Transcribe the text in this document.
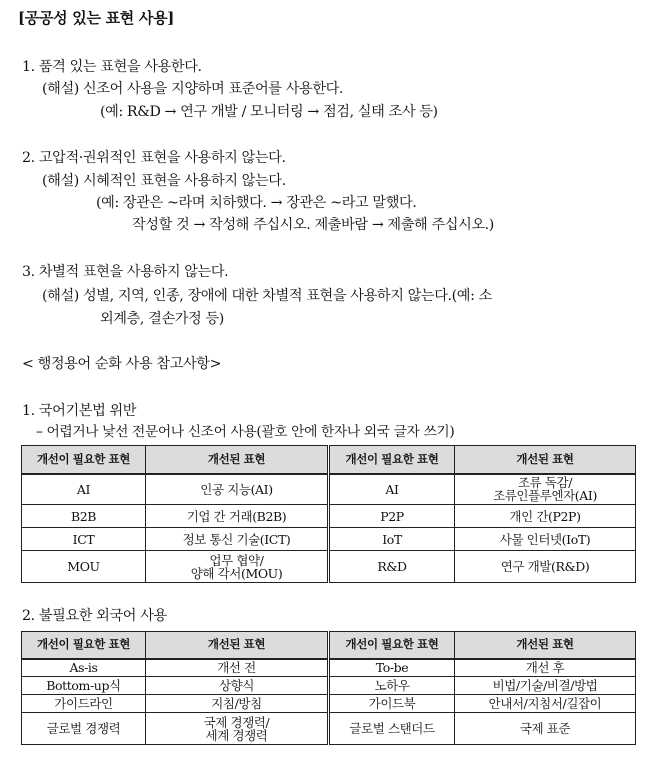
[공공성 있는 표현 사용]
1. 품격 있는 표현을 사용한다.
(해설) 신조어 사용을 지양하며 표준어를 사용한다.
(예: R&D → 연구 개발 / 모니터링 → 점검, 실태 조사 등)
2. 고압적·권위적인 표현을 사용하지 않는다.
(해설) 시혜적인 표현을 사용하지 않는다.
(예: 장관은 ~라며 치하했다. → 장관은 ~라고 말했다.
작성할 것 → 작성해 주십시오. 제출바람 → 제출해 주십시오.)
3. 차별적 표현을 사용하지 않는다.
(해설) 성별, 지역, 인종, 장애에 대한 차별적 표현을 사용하지 않는다.(예: 소
외계층, 결손가정 등)
< 행정용어 순화 사용 참고사항>
1. 국어기본법 위반
– 어렵거나 낯선 전문어나 신조어 사용(괄호 안에 한자나 외국 글자 쓰기)
개선이 필요한 표현	개선된 표현	개선이 필요한 표현	개선된 표현

AI	인공 지능(AI)	AI	조류 독감/
조류인플루엔자(AI)

B2B	기업 간 거래(B2B)	P2P	개인 간(P2P)

ICT	정보 통신 기술(ICT)	IoT	사물 인터넷(IoT)

MOU	업무 협약/
양해 각서(MOU)	R&D	연구 개발(R&D)
2. 불필요한 외국어 사용
개선이 필요한 표현	개선된 표현	개선이 필요한 표현	개선된 표현

As-is	개선 전	To-be	개선 후

Bottom-up식	상향식	노하우	비법/기술/비결/방법

가이드라인	지침/방침	가이드북	안내서/지침서/길잡이

글로벌 경쟁력	국제 경쟁력/
세계 경쟁력	글로벌 스탠더드	국제 표준
